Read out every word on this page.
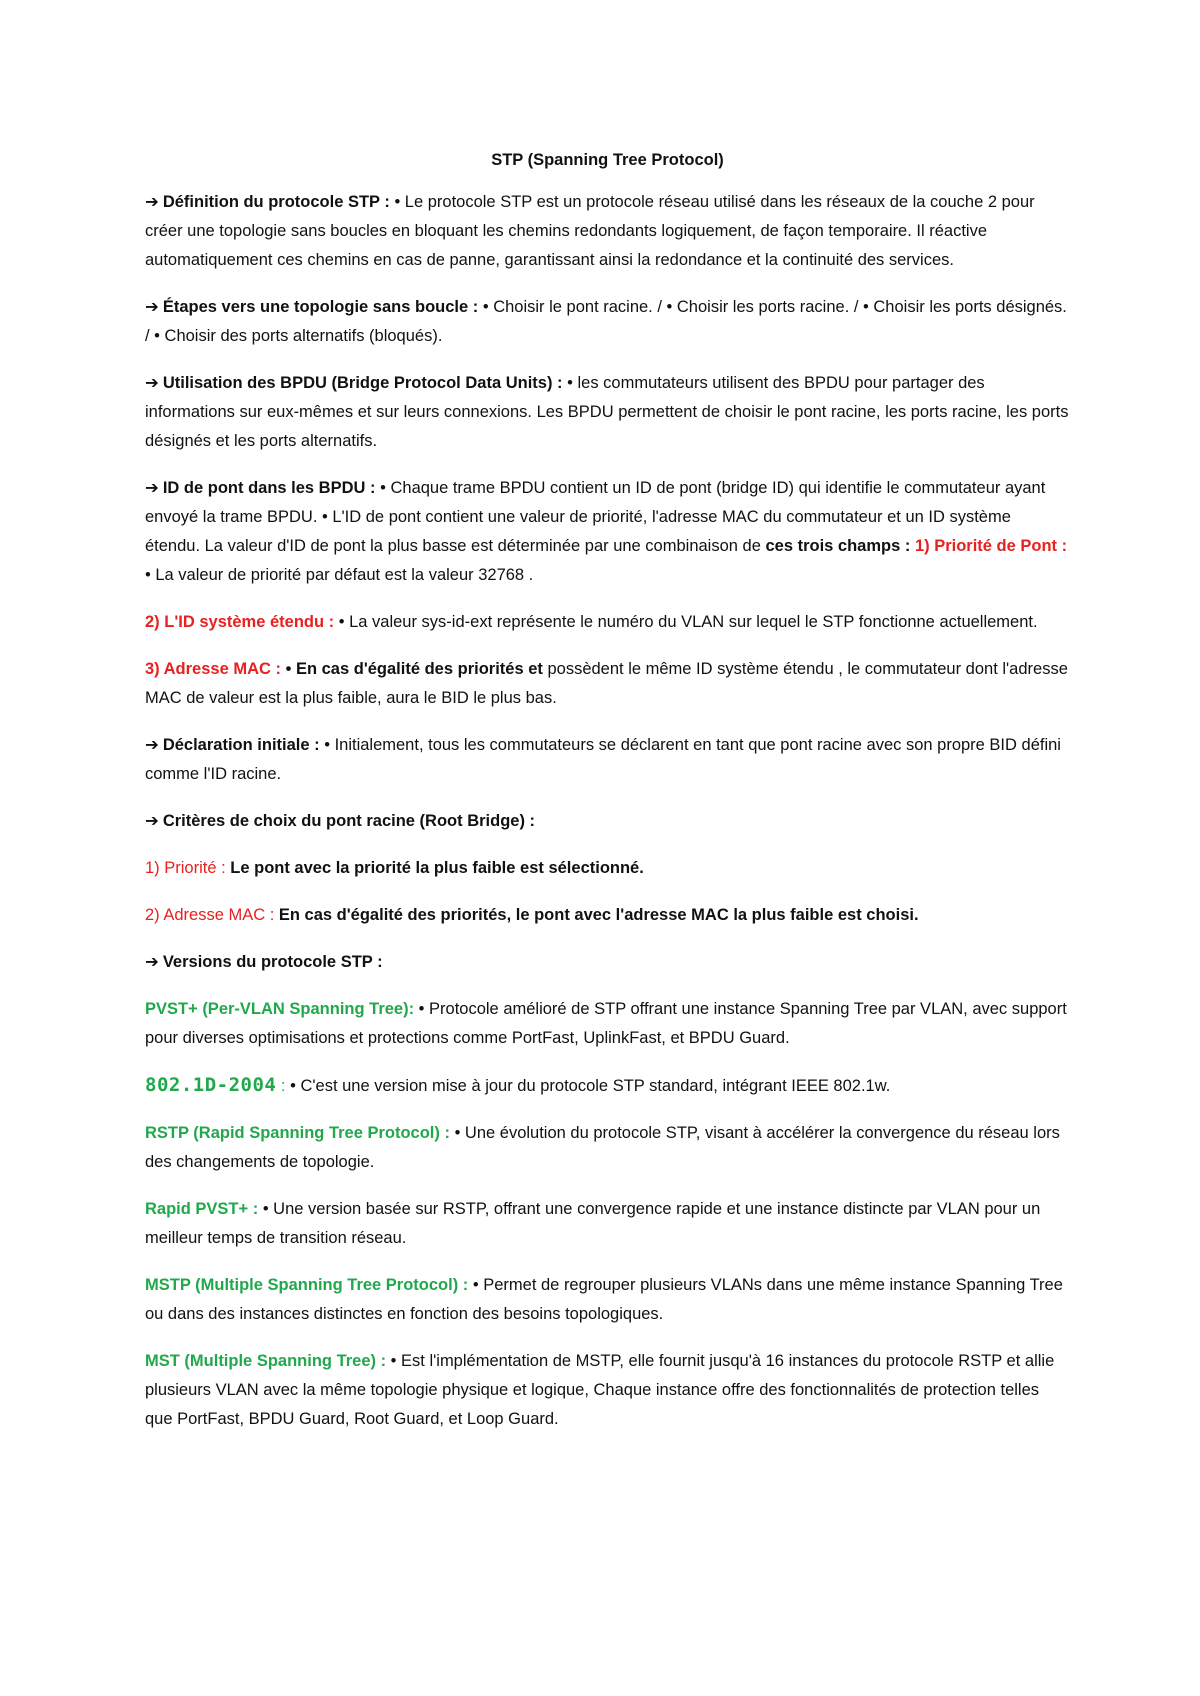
STP (Spanning Tree Protocol)

➔ Définition du protocole STP : • Le protocole STP est un protocole réseau utilisé dans les réseaux de la couche 2 pour créer une topologie sans boucles en bloquant les chemins redondants logiquement, de façon temporaire. Il réactive automatiquement ces chemins en cas de panne, garantissant ainsi la redondance et la continuité des services.

➔ Étapes vers une topologie sans boucle : • Choisir le pont racine. / • Choisir les ports racine. / • Choisir les ports désignés. / • Choisir des ports alternatifs (bloqués).

➔ Utilisation des BPDU (Bridge Protocol Data Units) : • les commutateurs utilisent des BPDU pour partager des informations sur eux-mêmes et sur leurs connexions. Les BPDU permettent de choisir le pont racine, les ports racine, les ports désignés et les ports alternatifs.

➔ ID de pont dans les BPDU : • Chaque trame BPDU contient un ID de pont (bridge ID) qui identifie le commutateur ayant envoyé la trame BPDU. • L'ID de pont contient une valeur de priorité, l'adresse MAC du commutateur et un ID système étendu. La valeur d'ID de pont la plus basse est déterminée par une combinaison de ces trois champs : 1) Priorité de Pont : • La valeur de priorité par défaut est la valeur 32768 .

2) L'ID système étendu : • La valeur sys-id-ext représente le numéro du VLAN sur lequel le STP fonctionne actuellement.

3) Adresse MAC : • En cas d'égalité des priorités et possèdent le même ID système étendu , le commutateur dont l'adresse MAC de valeur est la plus faible, aura le BID le plus bas.

➔ Déclaration initiale : • Initialement, tous les commutateurs se déclarent en tant que pont racine avec son propre BID défini comme l'ID racine.

➔ Critères de choix du pont racine (Root Bridge) :

1) Priorité : Le pont avec la priorité la plus faible est sélectionné.

2) Adresse MAC : En cas d'égalité des priorités, le pont avec l'adresse MAC la plus faible est choisi.

➔ Versions du protocole STP :

PVST+ (Per-VLAN Spanning Tree): • Protocole amélioré de STP offrant une instance Spanning Tree par VLAN, avec support pour diverses optimisations et protections comme PortFast, UplinkFast, et BPDU Guard.

802.1D-2004 : • C'est une version mise à jour du protocole STP standard, intégrant IEEE 802.1w.

RSTP (Rapid Spanning Tree Protocol) : • Une évolution du protocole STP, visant à accélérer la convergence du réseau lors des changements de topologie.

Rapid PVST+ : • Une version basée sur RSTP, offrant une convergence rapide et une instance distincte par VLAN pour un meilleur temps de transition réseau.

MSTP (Multiple Spanning Tree Protocol) : • Permet de regrouper plusieurs VLANs dans une même instance Spanning Tree ou dans des instances distinctes en fonction des besoins topologiques.

MST (Multiple Spanning Tree) : • Est l'implémentation de MSTP, elle fournit jusqu'à 16 instances du protocole RSTP et allie plusieurs VLAN avec la même topologie physique et logique, Chaque instance offre des fonctionnalités de protection telles que PortFast, BPDU Guard, Root Guard, et Loop Guard.
